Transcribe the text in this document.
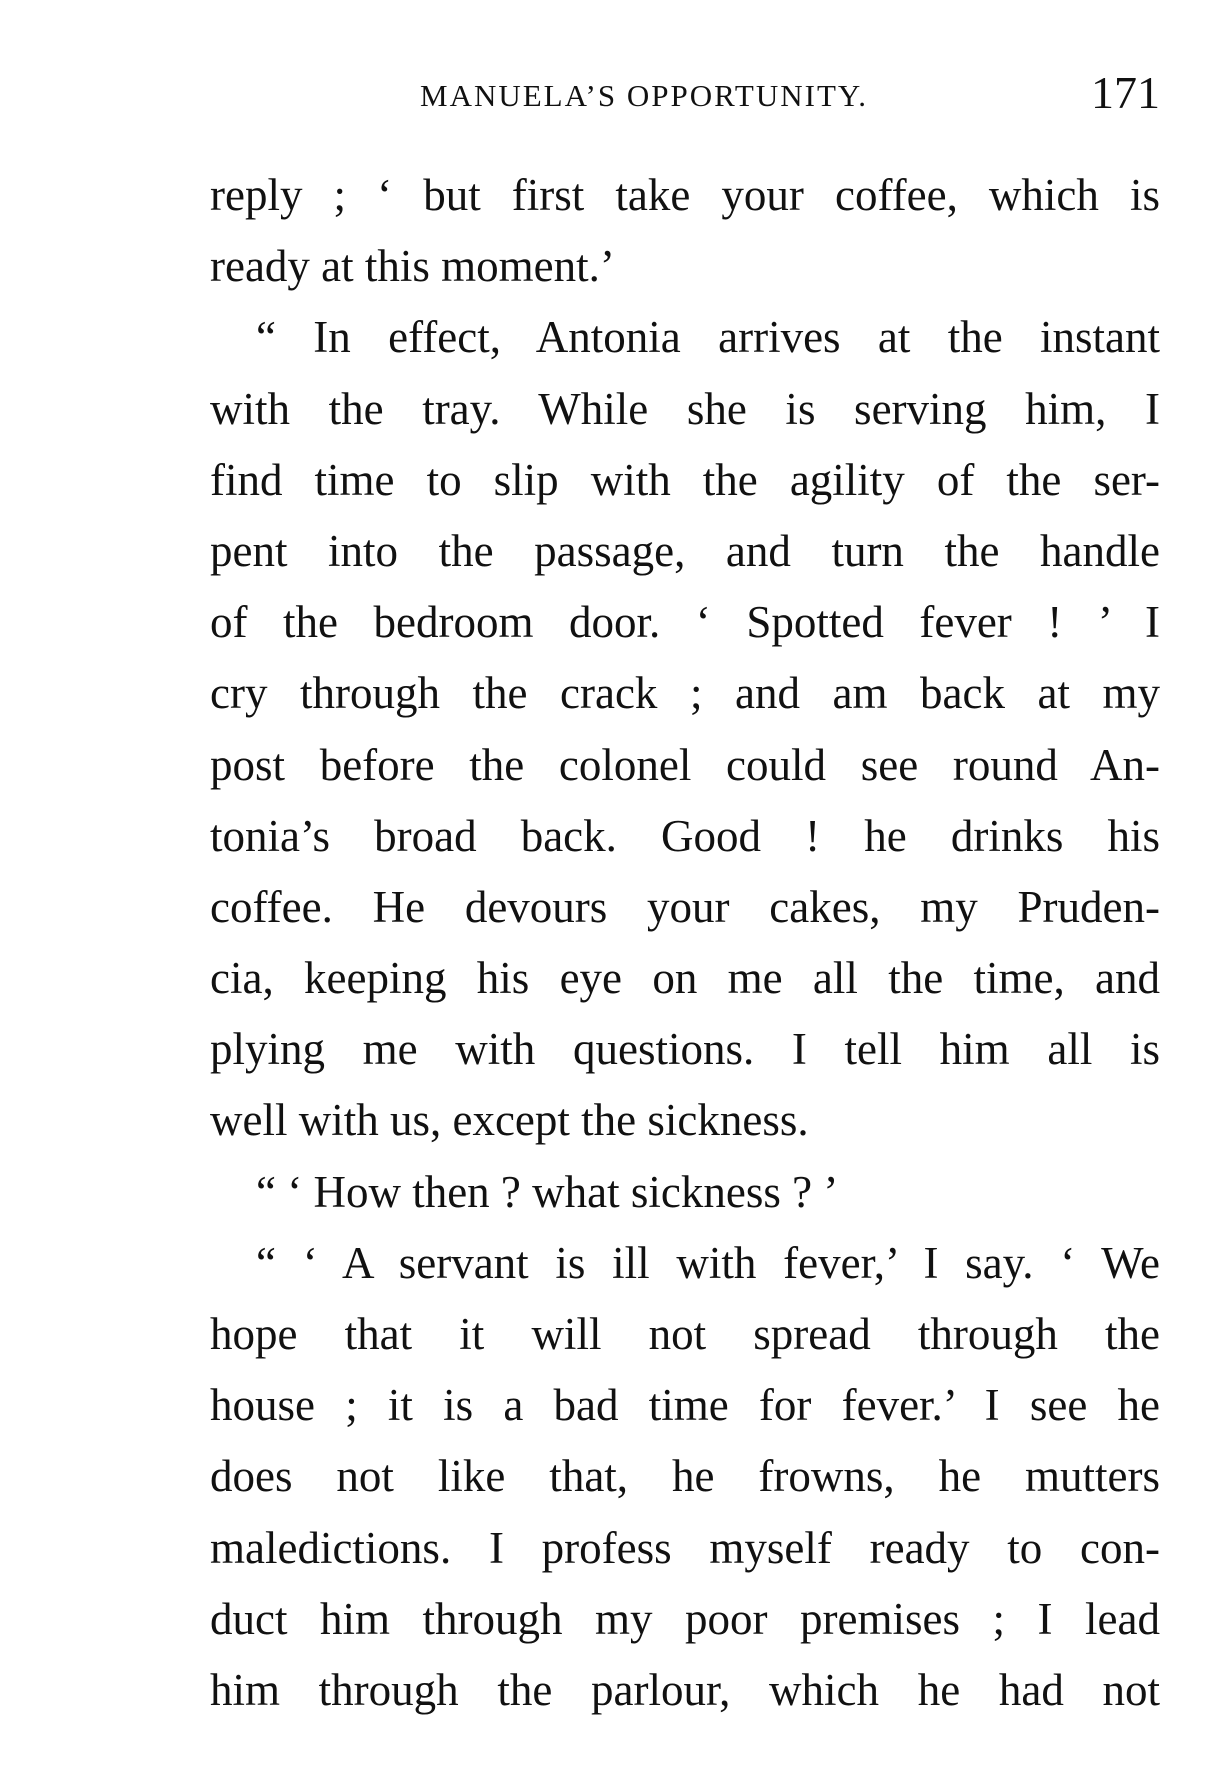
MANUELA’S OPPORTUNITY.	171
reply ; ‘ but first take your coffee, which is
ready at this moment.’
“ In effect, Antonia arrives at the instant
with the tray. While she is serving him, I
find time to slip with the agility of the ser-
pent into the passage, and turn the handle
of the bedroom door. ‘ Spotted fever ! ’ I
cry through the crack ; and am back at my
post before the colonel could see round An-
tonia’s broad back. Good ! he drinks his
coffee. He devours your cakes, my Pruden-
cia, keeping his eye on me all the time, and
plying me with questions. I tell him all is
well with us, except the sickness.
“ ‘ How then ? what sickness ? ’
“ ‘ A servant is ill with fever,’ I say. ‘ We
hope that it will not spread through the
house ; it is a bad time for fever.’ I see he
does not like that, he frowns, he mutters
maledictions. I profess myself ready to con-
duct him through my poor premises ; I lead
him through the parlour, which he had not
